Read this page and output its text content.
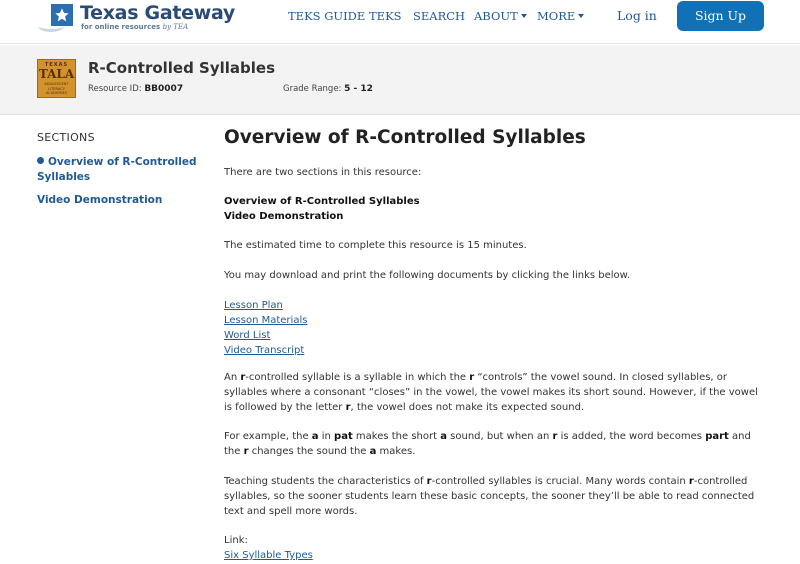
Texas Gateway
for online resources by TEA
TEKS GUIDE TEKS SEARCH ABOUT	MORE	Log in	Sign Up
TEXAS
TALA
ADOLESCENT LITERACY ACADEMIES
R-Controlled Syllables
Resource ID: BB0007	Grade Range: 5 - 12
SECTIONS
Overview of R-Controlled Syllables
Video Demonstration
Overview of R-Controlled Syllables
There are two sections in this resource:
Overview of R-Controlled Syllables
Video Demonstration
The estimated time to complete this resource is 15 minutes.
You may download and print the following documents by clicking the links below.
Lesson Plan
Lesson Materials
Word List
Video Transcript
An r-controlled syllable is a syllable in which the r “controls” the vowel sound. In closed syllables, or syllables where a consonant “closes” in the vowel, the vowel makes its short sound. However, if the vowel is followed by the letter r, the vowel does not make its expected sound.
For example, the a in pat makes the short a sound, but when an r is added, the word becomes part and the r changes the sound the a makes.
Teaching students the characteristics of r-controlled syllables is crucial. Many words contain r-controlled syllables, so the sooner students learn these basic concepts, the sooner they’ll be able to read connected text and spell more words.
Link:
Six Syllable Types
